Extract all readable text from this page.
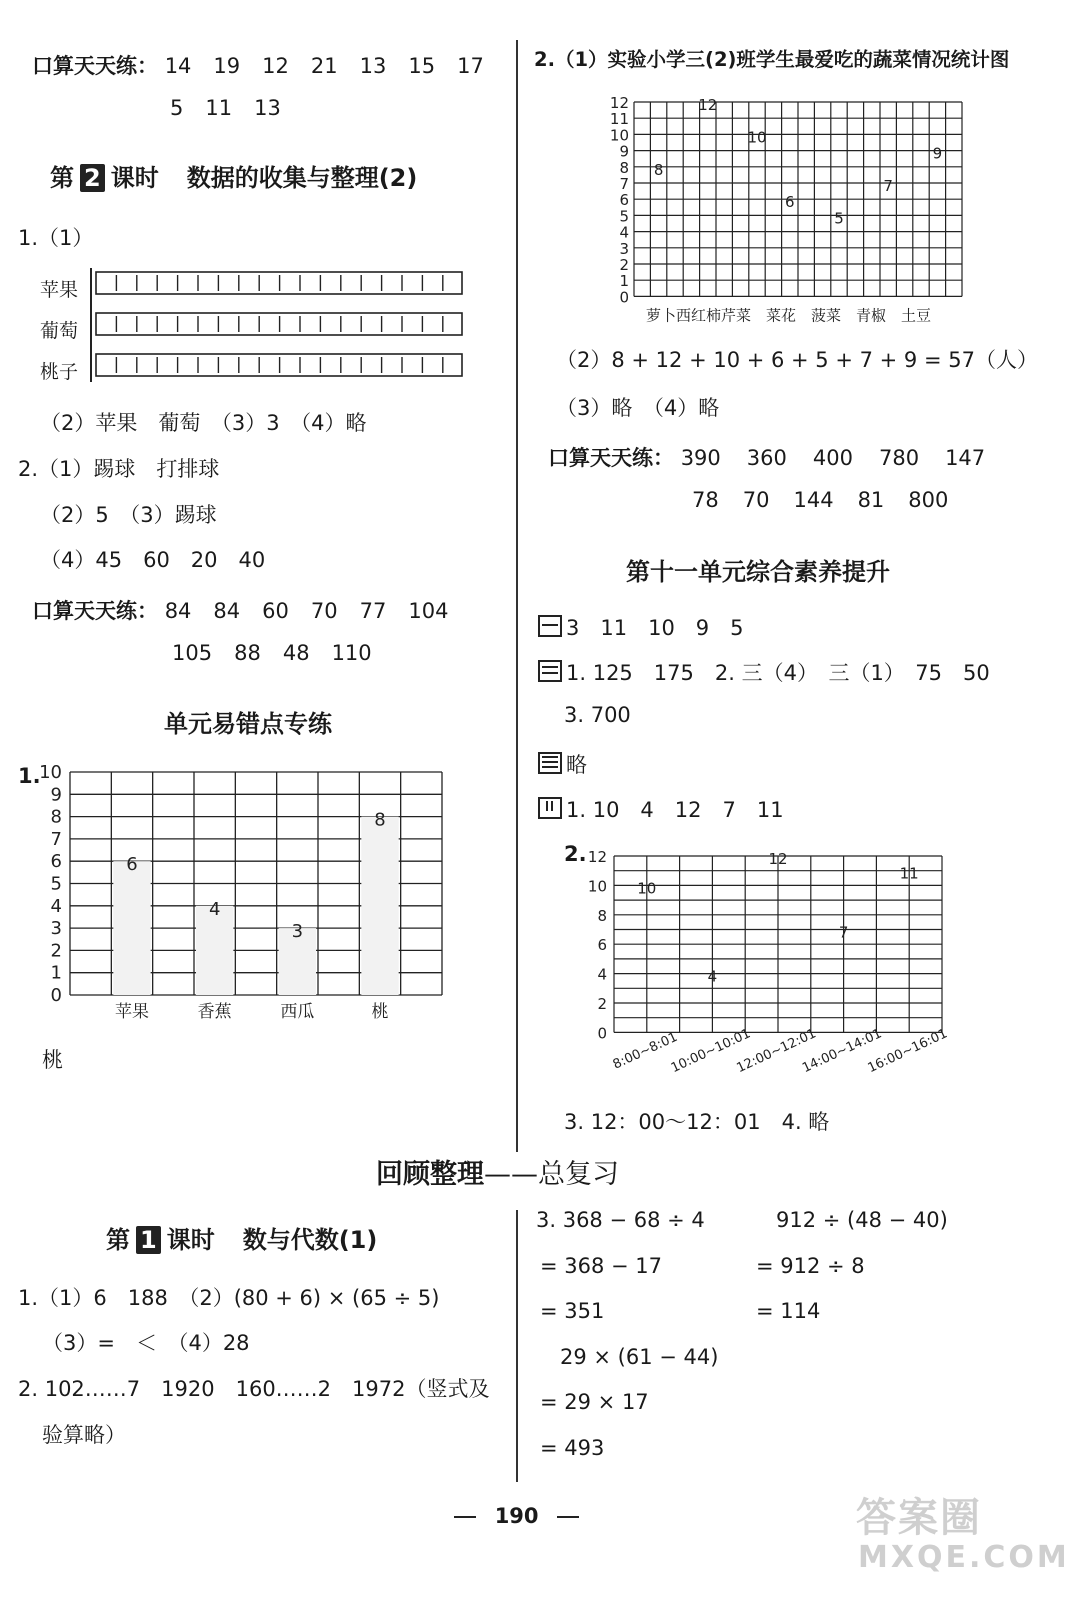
口算天天练： 14 19 12 21 13 15 17
5 11 13
第 2 课时 数据的收集与整理(2)
1.（1）
苹果
葡萄
桃子
（2）苹果　葡萄　（3）3　（4）略
2.（1）踢球　打排球
（2）5　（3）踢球
（4）45　60　20　40
口算天天练： 84 84 60 70 77 104
105 88 48 110
单元易错点专练
1.
0
1
2
3
4
5
6
7
8
9
10
6
苹果
4
香蕉
3
西瓜
8
桃
桃
2.（1）实验小学三(2)班学生最爱吃的蔬菜情况统计图
0
1
2
3
4
5
6
7
8
9
10
11
12
8
12
10
6
5
7
9
萝卜西红柿芹菜　菜花　菠菜　青椒　土豆
（2）8 + 12 + 10 + 6 + 5 + 7 + 9 = 57（人）
（3）略　（4）略
口算天天练： 390 360 400 780 147
78 70 144 81 800
第十一单元综合素养提升
3　11　10　9　5
1. 125　175　2. 三（4）　三（1）　75　50
3. 700
略
1. 10　4　12　7　11
2.
0
2
4
6
8
10
12
10
8:00~8:01
4
10:00~10:01
12
12:00~12:01
7
14:00~14:01
11
16:00~16:01
3. 12：00～12：01　4. 略
回顾整理——总复习
第 1 课时 数与代数(1)
1.（1）6　188　（2）(80 + 6) × (65 ÷ 5)
（3）=　＜　（4）28
2. 102……7　1920　160……2　1972（竖式及
验算略）
3. 368 − 68 ÷ 4
= 368 − 17
= 351
912 ÷ (48 − 40)
= 912 ÷ 8
= 114
29 × (61 − 44)
= 29 × 17
= 493
190	答案圈
MXQE.COM
